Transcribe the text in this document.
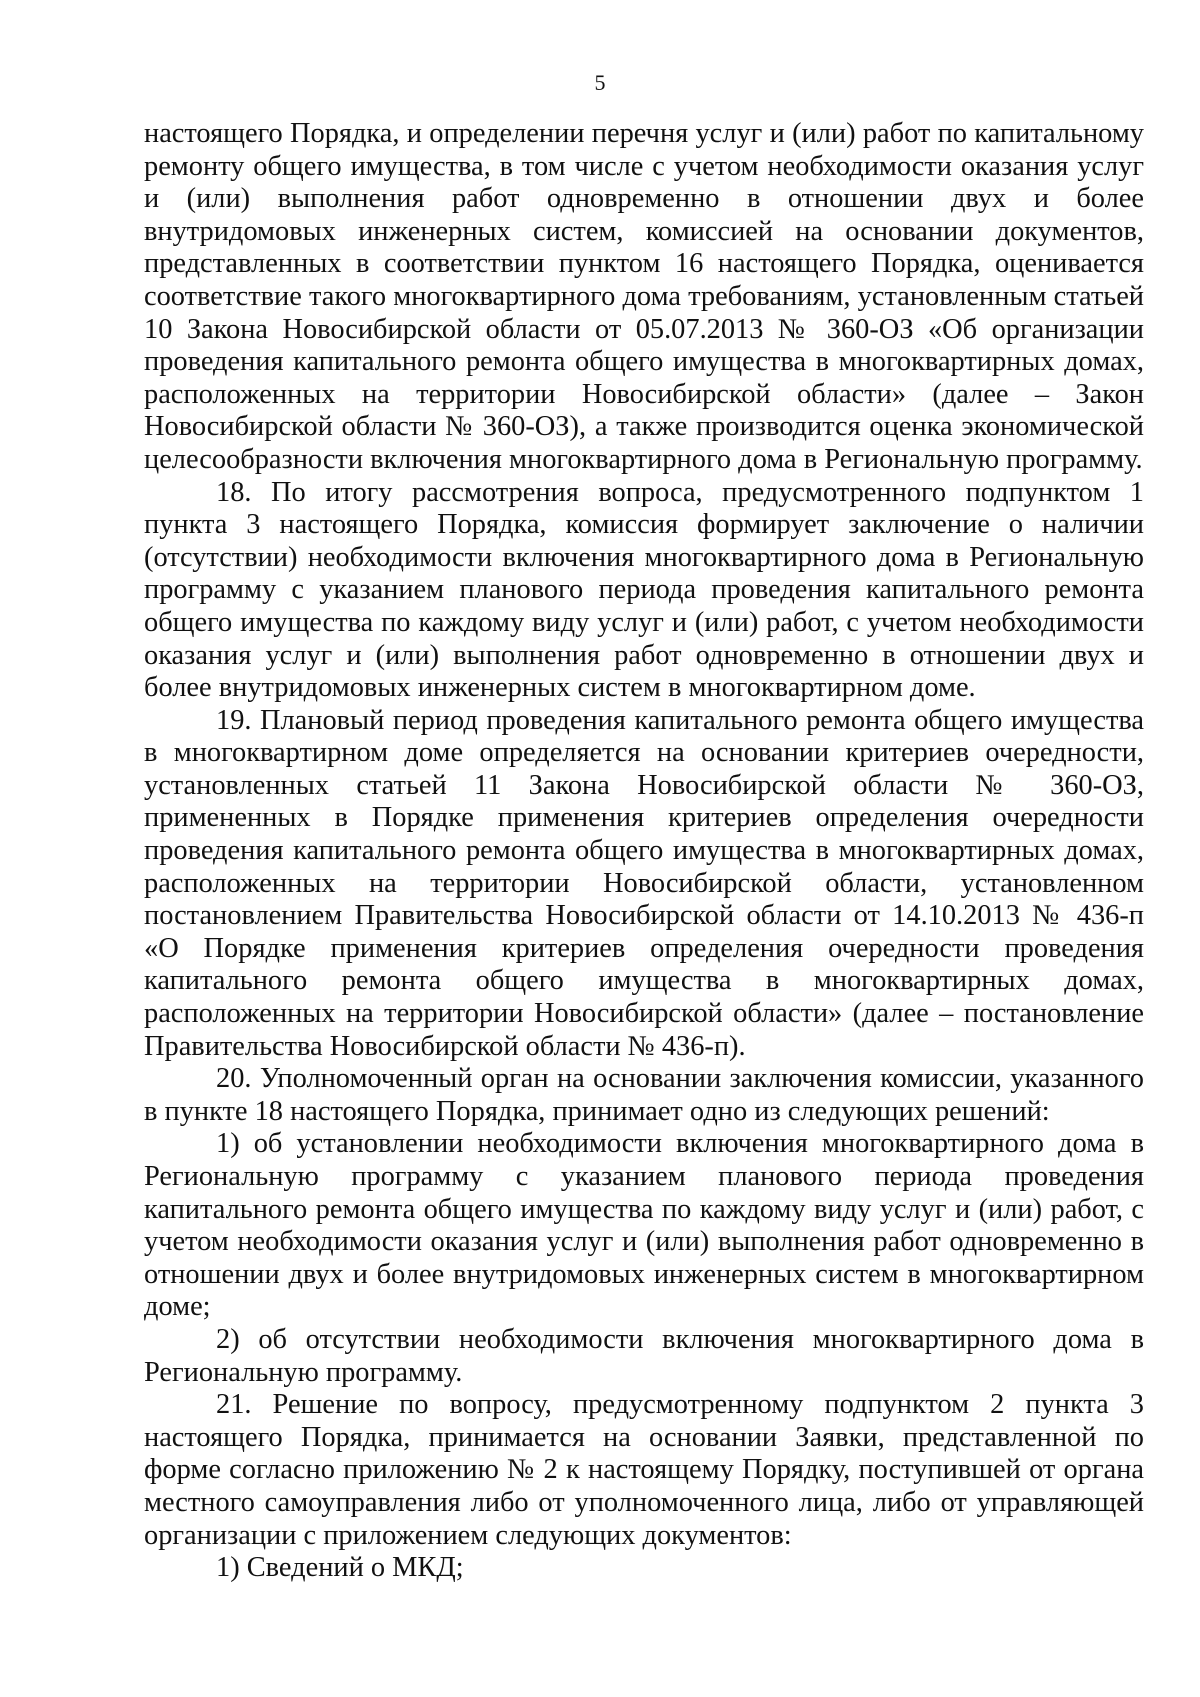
5

настоящего Порядка, и определении перечня услуг и (или) работ по капитальному ремонту общего имущества, в том числе с учетом необходимости оказания услуг и (или) выполнения работ одновременно в отношении двух и более внутридомовых инженерных систем, комиссией на основании документов, представленных в соответствии пунктом 16 настоящего Порядка, оценивается соответствие такого многоквартирного дома требованиям, установленным статьей 10 Закона Новосибирской области от 05.07.2013 № 360-ОЗ «Об организации проведения капитального ремонта общего имущества в многоквартирных домах, расположенных на территории Новосибирской области» (далее – Закон Новосибирской области № 360-ОЗ), а также производится оценка экономической целесообразности включения многоквартирного дома в Региональную программу.

18. По итогу рассмотрения вопроса, предусмотренного подпунктом 1 пункта 3 настоящего Порядка, комиссия формирует заключение о наличии (отсутствии) необходимости включения многоквартирного дома в Региональную программу с указанием планового периода проведения капитального ремонта общего имущества по каждому виду услуг и (или) работ, с учетом необходимости оказания услуг и (или) выполнения работ одновременно в отношении двух и более внутридомовых инженерных систем в многоквартирном доме.

19. Плановый период проведения капитального ремонта общего имущества в многоквартирном доме определяется на основании критериев очередности, установленных статьей 11 Закона Новосибирской области № 360-ОЗ, примененных в Порядке применения критериев определения очередности проведения капитального ремонта общего имущества в многоквартирных домах, расположенных на территории Новосибирской области, установленном постановлением Правительства Новосибирской области от 14.10.2013 № 436-п «О Порядке применения критериев определения очередности проведения капитального ремонта общего имущества в многоквартирных домах, расположенных на территории Новосибирской области» (далее – постановление Правительства Новосибирской области № 436-п).

20. Уполномоченный орган на основании заключения комиссии, указанного в пункте 18 настоящего Порядка, принимает одно из следующих решений:

1) об установлении необходимости включения многоквартирного дома в Региональную программу с указанием планового периода проведения капитального ремонта общего имущества по каждому виду услуг и (или) работ, с учетом необходимости оказания услуг и (или) выполнения работ одновременно в отношении двух и более внутридомовых инженерных систем в многоквартирном доме;

2) об отсутствии необходимости включения многоквартирного дома в Региональную программу.

21. Решение по вопросу, предусмотренному подпунктом 2 пункта 3 настоящего Порядка, принимается на основании Заявки, представленной по форме согласно приложению № 2 к настоящему Порядку, поступившей от органа местного самоуправления либо от уполномоченного лица, либо от управляющей организации с приложением следующих документов:

1) Сведений о МКД;
